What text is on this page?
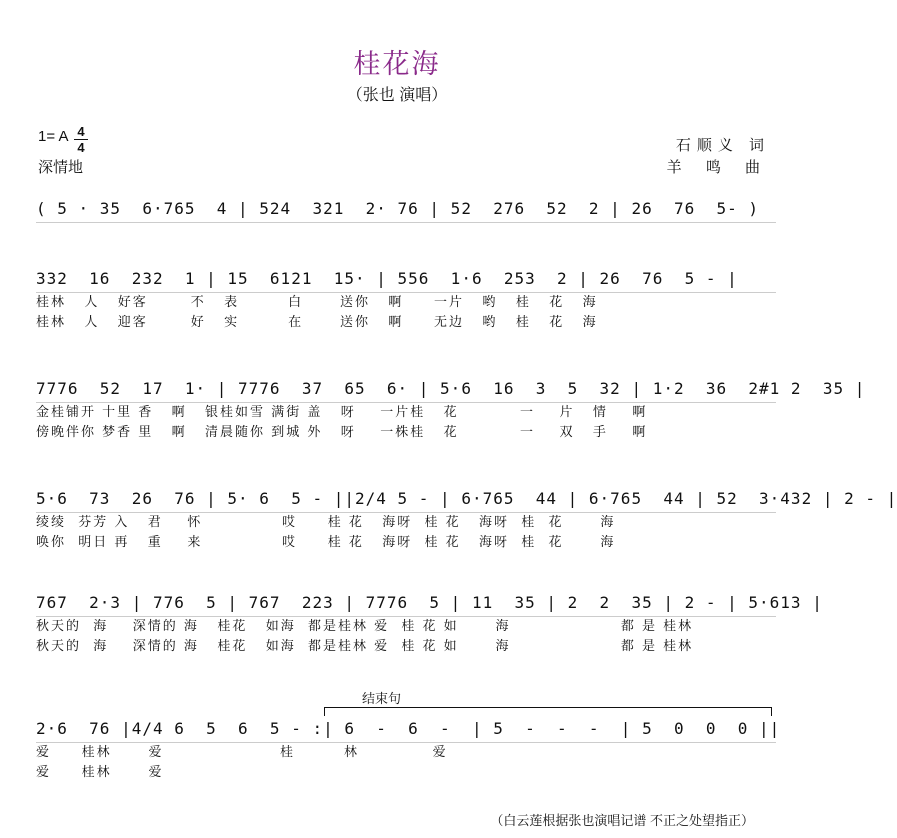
桂花海
（张也 演唱）
1= A 4
4
深情地
石顺义 词
羊 鸣 曲
( 5 · 35  6·765  4 | 524  321  2· 76 | 52  276  52  2 | 26  76  5- )
332  16  232  1 | 15  6121  15· | 556  1·6  253  2 | 26  76  5 - |
桂林   人   好客       不   表        白      送你   啊     一片   哟   桂   花   海
桂林   人   迎客       好   实        在      送你   啊     无边   哟   桂   花   海
7776  52  17  1· | 7776  37  65  6· | 5·6  16  3  5  32 | 1·2  36  2#1 2  35 |
金桂铺开 十里 香   啊   银桂如雪 满街 盖   呀    一片桂   花          一    片   情    啊
傍晚伴你 梦香 里   啊   清晨随你 到城 外   呀    一株桂   花          一    双   手    啊
5·6  73  26  76 | 5· 6  5 - ||2/4 5 - | 6·765  44 | 6·765  44 | 52  3·432 | 2 - |
绫绫  芬芳 入   君    怀             哎     桂 花   海呀  桂 花   海呀  桂  花      海
唤你  明日 再   重    来             哎     桂 花   海呀  桂 花   海呀  桂  花      海
767  2·3 | 776  5 | 767  223 | 7776  5 | 11  35 | 2  2  35 | 2 - | 5·613 |
秋天的  海    深情的 海   桂花   如海  都是桂林 爱  桂 花 如      海                  都 是 桂林
秋天的  海    深情的 海   桂花   如海  都是桂林 爱  桂 花 如      海                  都 是 桂林
结束句
2·6  76 |4/4 6  5  6  5 - :| 6  -  6  -  | 5  -  -  -  | 5  0  0  0 ||
爱     桂林      爱                   桂        林            爱
爱     桂林      爱
（白云莲根据张也演唱记谱 不正之处望指正）
